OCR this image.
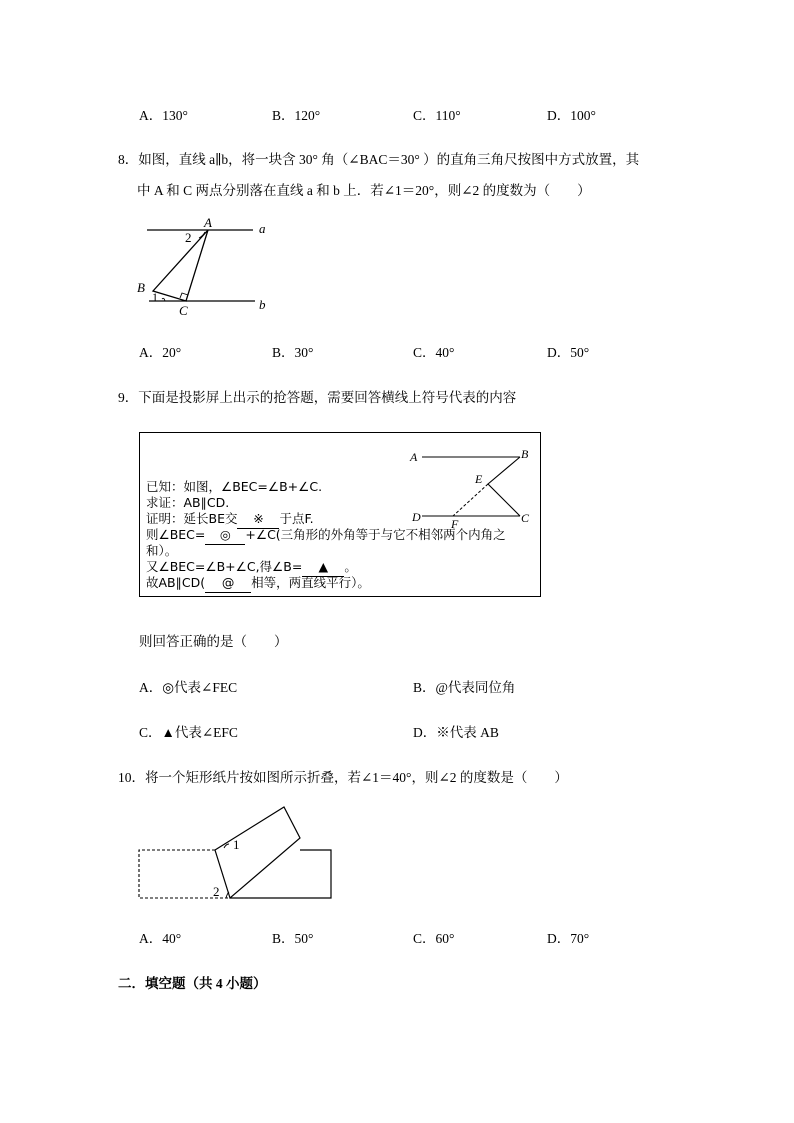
A．130°	B．120°	C．110°	D．100°
8．如图，直线 a∥b，将一块含 30° 角（∠BAC＝30° ）的直角三角尺按图中方式放置，其
中 A 和 C 两点分别落在直线 a 和 b 上．若∠1＝20°，则∠2 的度数为（　　）
A
2
a
B
1
C	b
A．20°	B．30°	C．40°	D．50°
9．下面是投影屏上出示的抢答题，需要回答横线上符号代表的内容
A	B
E
D	F	C
已知：如图，∠BEC=∠B+∠C.
求证：AB∥CD.
证明：延长BE交 ※ 于点F.
则∠BEC= ◎ +∠C(三角形的外角等于与它不相邻两个内角之
和）。
又∠BEC=∠B+∠C,得∠B= ▲ 。
故AB∥CD( @ 相等，两直线平行）。
则回答正确的是（　　）
A．◎代表∠FEC	B．@代表同位角
C．▲代表∠EFC	D．※代表 AB
10．将一个矩形纸片按如图所示折叠，若∠1＝40°，则∠2 的度数是（　　）
1
2
A．40°	B．50°	C．60°	D．70°
二．填空题（共 4 小题）
